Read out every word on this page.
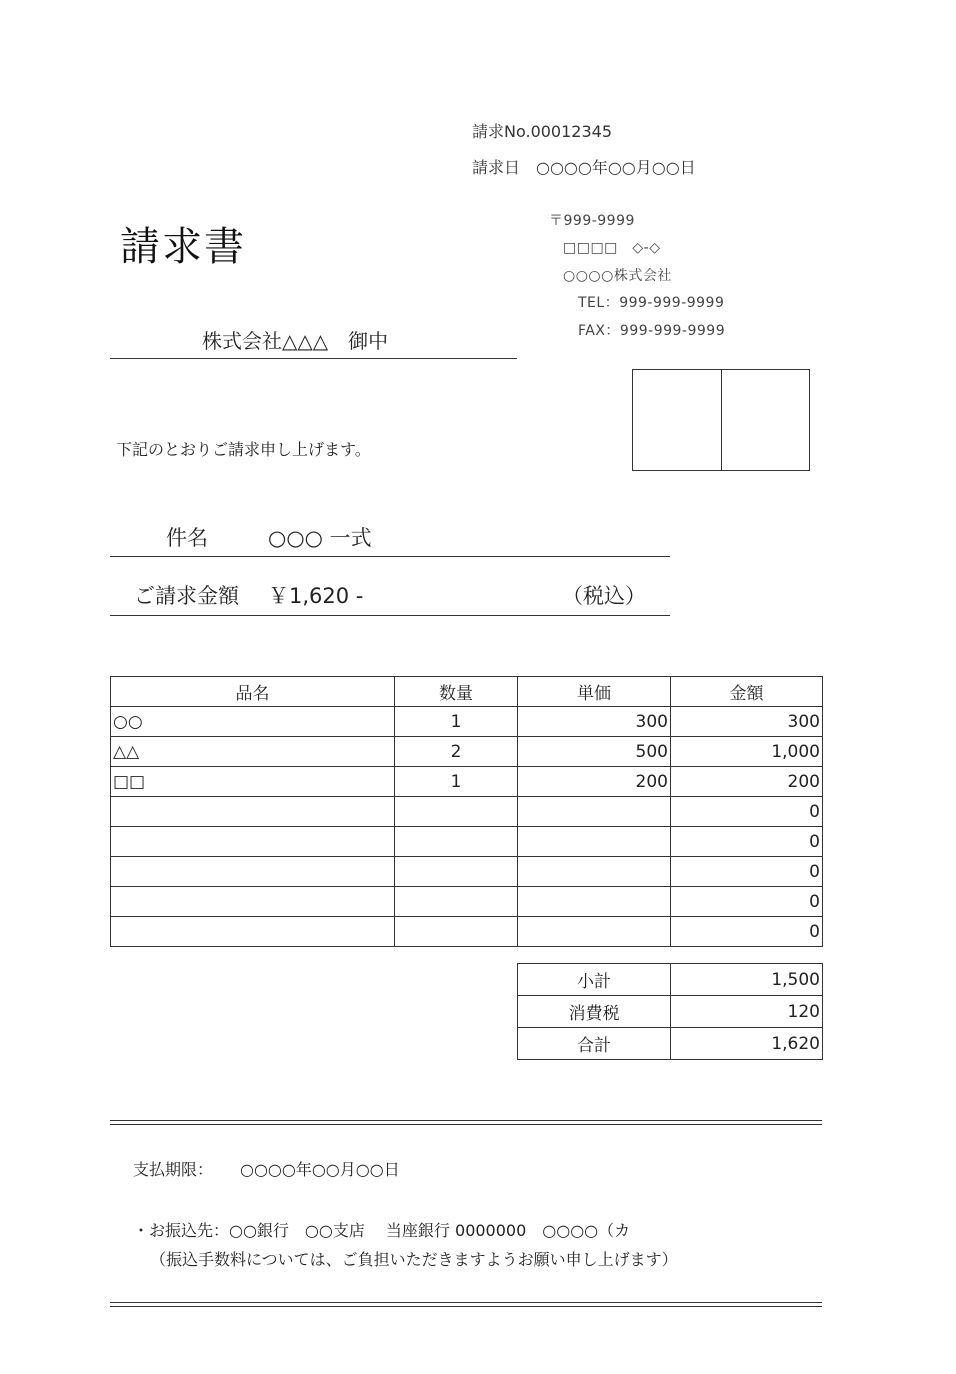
請求No.00012345
請求日　○○○○年○○月○○日
請求書
〒999-9999
□□□□　◇-◇
○○○○株式会社
TEL：999-999-9999
FAX：999-999-9999
株式会社△△△　御中
下記のとおりご請求申し上げます。
件名	○○○ 一式
ご請求金額 ￥1,620 -	（税込）
品名	数量	単価	金額
○○	1	300	300
△△	2	500	1,000
□□	1	200	200
			0
			0
			0
			0
			0
小計	1,500
消費税	120
合計	1,620
支払期限： ○○○○年○○月○○日
・お振込先：○○銀行　○○支店　 当座銀行 0000000　○○○○（カ
（振込手数料については、ご負担いただきますようお願い申し上げます）
